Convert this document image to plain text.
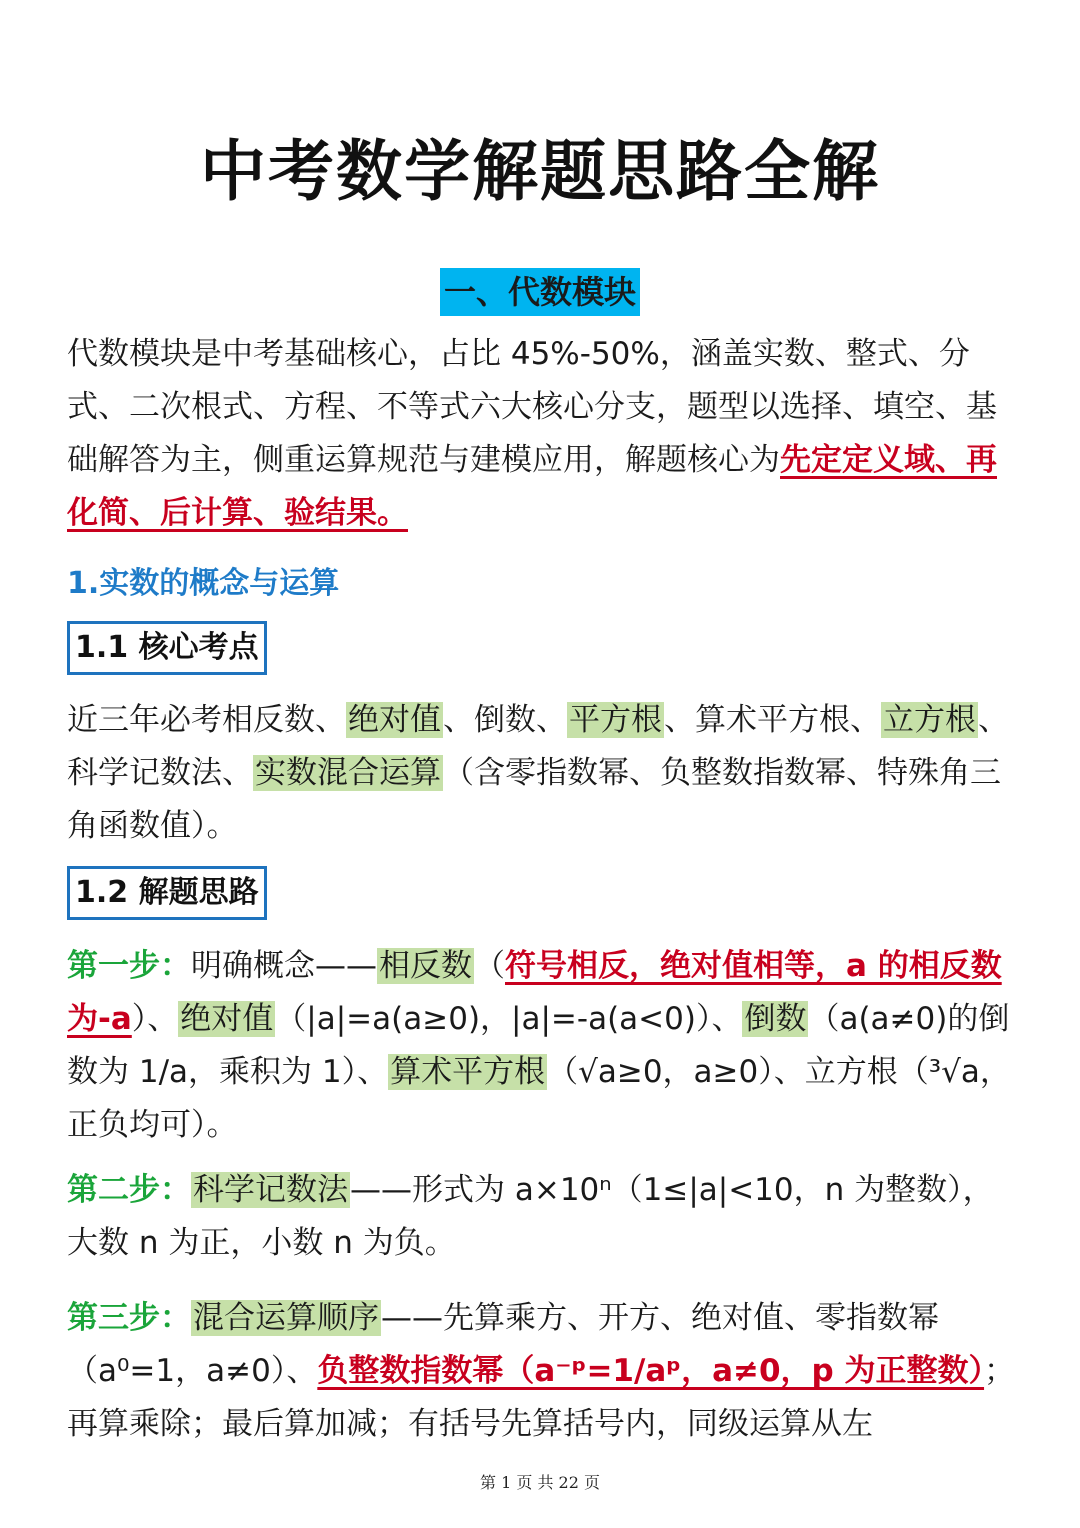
中考数学解题思路全解
一、代数模块

代数模块是中考基础核心，占比 45%-50%，涵盖实数、整式、分式、二次根式、方程、不等式六大核心分支，题型以选择、填空、基础解答为主，侧重运算规范与建模应用，解题核心为先定定义域、再化简、后计算、验结果。

1.实数的概念与运算
1.1 核心考点

近三年必考相反数、绝对值、倒数、平方根、算术平方根、立方根、科学记数法、实数混合运算（含零指数幂、负整数指数幂、特殊角三角函数值）。

1.2 解题思路

第一步：明确概念——相反数（符号相反，绝对值相等，a 的相反数为-a）、绝对值（|a|=a(a≥0)，|a|=-a(a<0)）、倒数（a(a≠0)的倒数为 1/a，乘积为 1）、算术平方根（√a≥0，a≥0）、立方根（³√a，正负均可）。

第二步：科学记数法——形式为 a×10ⁿ（1≤|a|<10，n 为整数），大数 n 为正，小数 n 为负。

第三步：混合运算顺序——先算乘方、开方、绝对值、零指数幂（a⁰=1，a≠0）、负整数指数幂（a⁻ᵖ=1/aᵖ，a≠0，p 为正整数）；再算乘除；最后算加减；有括号先算括号内，同级运算从左

第 1 页 共 22 页
